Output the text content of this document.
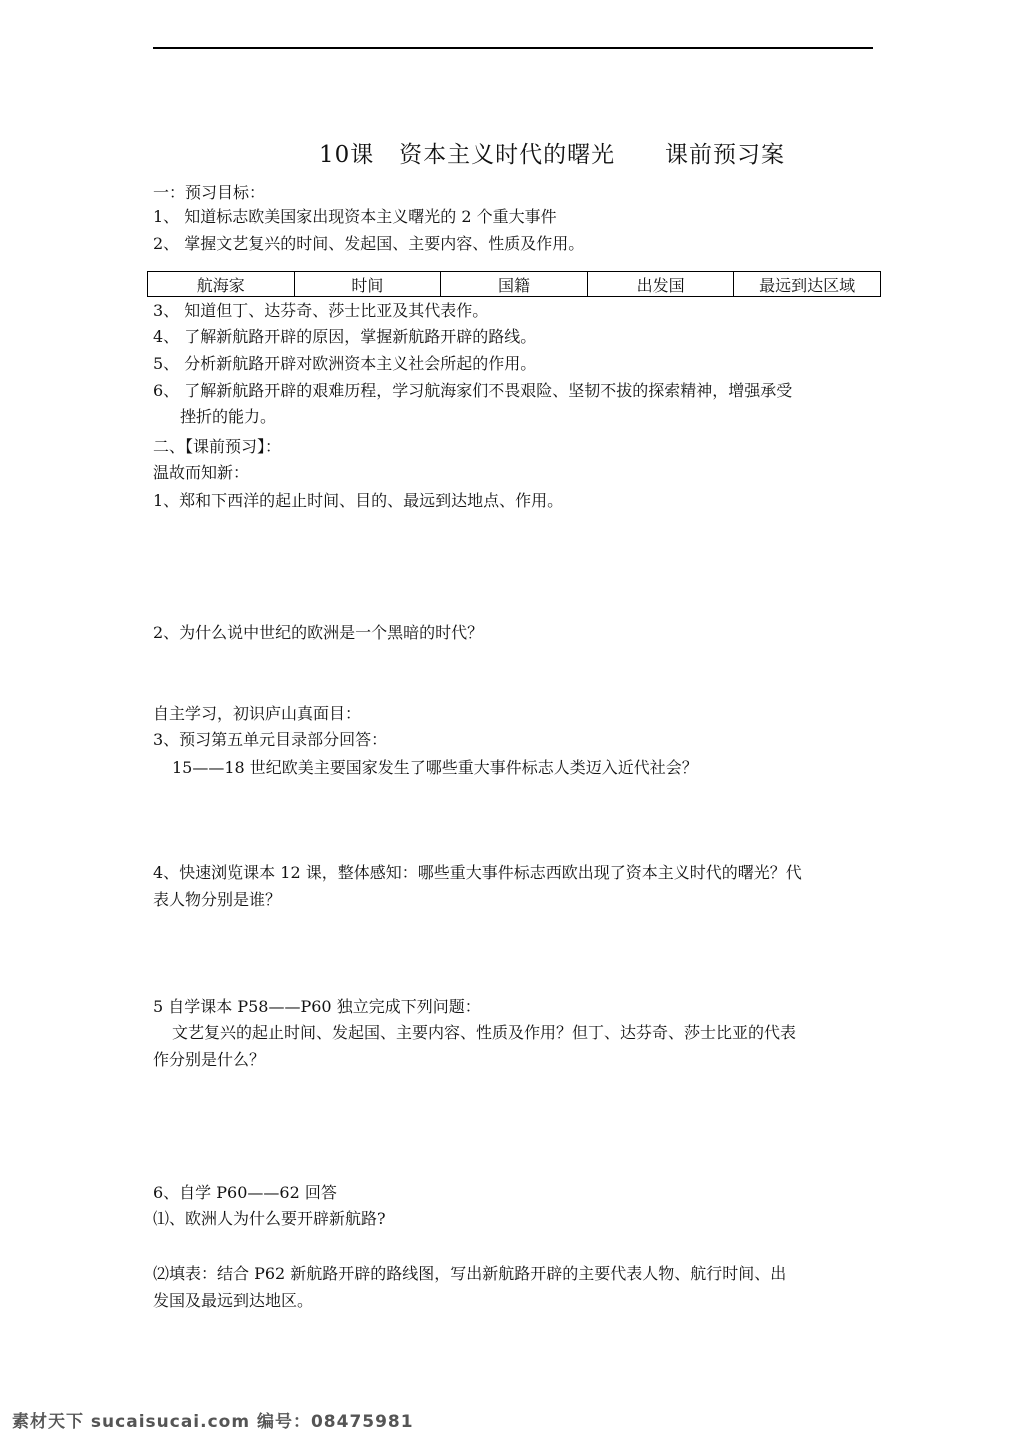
10课   资本主义时代的曙光      课前预习案
一：预习目标：
1、 知道标志欧美国家出现资本主义曙光的 2 个重大事件
2、 掌握文艺复兴的时间、发起国、主要内容、性质及作用。
航海家	时间	国籍	出发国	最远到达区域
3、 知道但丁、达芬奇、莎士比亚及其代表作。
4、 了解新航路开辟的原因，掌握新航路开辟的路线。
5、 分析新航路开辟对欧洲资本主义社会所起的作用。
6、 了解新航路开辟的艰难历程，学习航海家们不畏艰险、坚韧不拔的探索精神，增强承受
挫折的能力。
二、【课前预习】：
温故而知新：
1、郑和下西洋的起止时间、目的、最远到达地点、作用。
2、为什么说中世纪的欧洲是一个黑暗的时代？
自主学习，初识庐山真面目：
3、预习第五单元目录部分回答：
15——18 世纪欧美主要国家发生了哪些重大事件标志人类迈入近代社会？
4、快速浏览课本 12 课，整体感知：哪些重大事件标志西欧出现了资本主义时代的曙光？代
表人物分别是谁？
5 自学课本 P58——P60 独立完成下列问题：
文艺复兴的起止时间、发起国、主要内容、性质及作用？但丁、达芬奇、莎士比亚的代表
作分别是什么？
6、自学 P60——62 回答
⑴、欧洲人为什么要开辟新航路?
⑵填表：结合 P62 新航路开辟的路线图，写出新航路开辟的主要代表人物、航行时间、出
发国及最远到达地区。
素材天下 sucaisucai.com 编号：08475981
